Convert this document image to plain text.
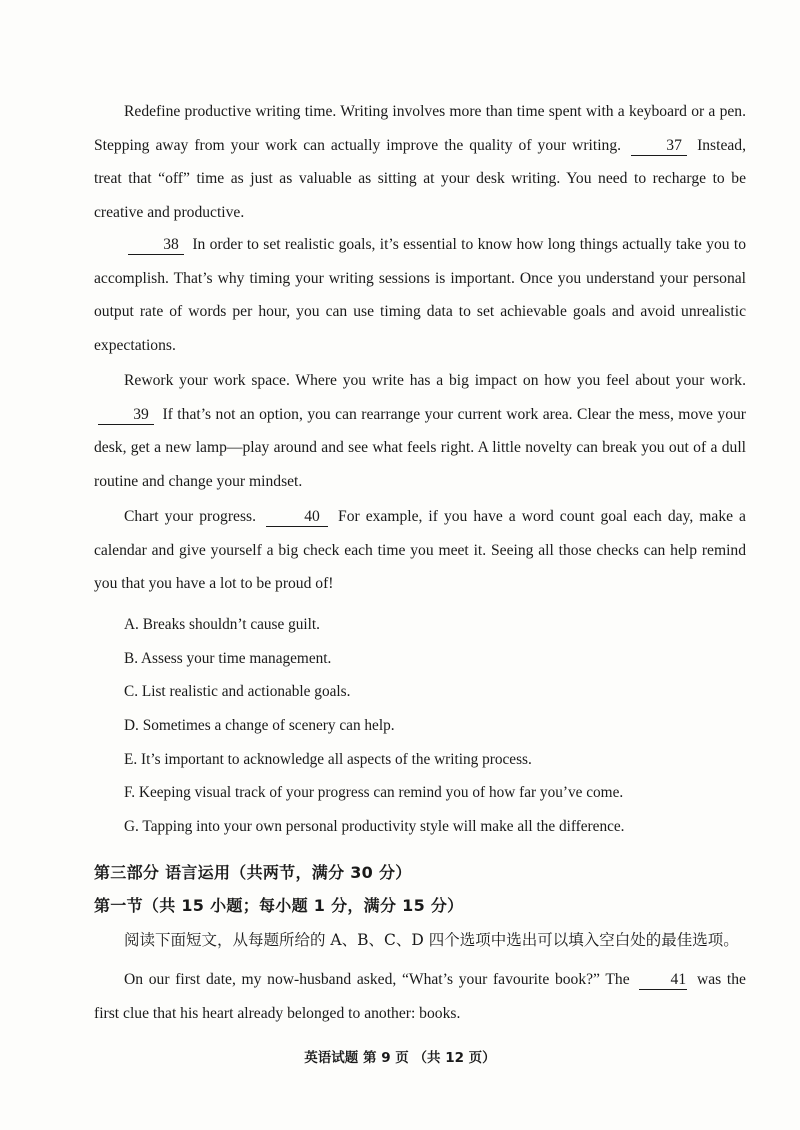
Redefine productive writing time. Writing involves more than time spent with a keyboard or a pen. Stepping away from your work can actually improve the quality of your writing.	37 Instead, treat that “off” time as just as valuable as sitting at your desk writing. You need to recharge to be creative and productive.
38 In order to set realistic goals, it’s essential to know how long things actually take you to accomplish. That’s why timing your writing sessions is important. Once you understand your personal output rate of words per hour, you can use timing data to set achievable goals and avoid unrealistic expectations.
Rework your work space. Where you write has a big impact on how you feel about your work. 39 If that’s not an option, you can rearrange your current work area. Clear the mess, move your desk, get a new lamp—play around and see what feels right. A little novelty can break you out of a dull routine and change your mindset.
Chart your progress.	40 For example, if you have a word count goal each day, make a calendar and give yourself a big check each time you meet it. Seeing all those checks can help remind you that you have a lot to be proud of!
A. Breaks shouldn’t cause guilt.
B. Assess your time management.
C. List realistic and actionable goals.
D. Sometimes a change of scenery can help.
E. It’s important to acknowledge all aspects of the writing process.
F. Keeping visual track of your progress can remind you of how far you’ve come.
G. Tapping into your own personal productivity style will make all the difference.
第三部分 语言运用（共两节，满分 30 分）
第一节（共 15 小题；每小题 1 分，满分 15 分）
阅读下面短文，从每题所给的 A、B、C、D 四个选项中选出可以填入空白处的最佳选项。
On our first date, my now-husband asked, “What’s your favourite book?” The	41 was the first clue that his heart already belonged to another: books.
英语试题 第 9 页 （共 12 页）
